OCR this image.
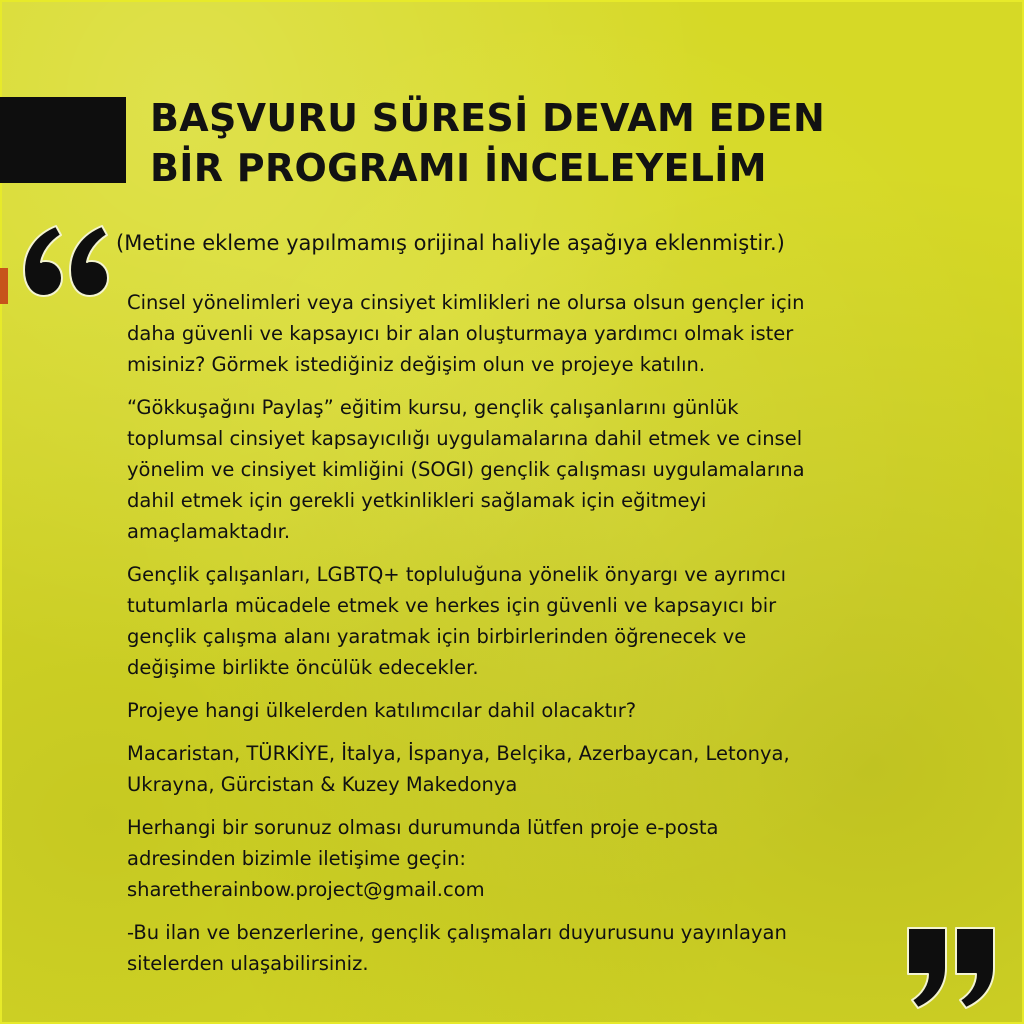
BAŞVURU SÜRESİ DEVAM EDEN
BİR PROGRAMI İNCELEYELİM

(Metine ekleme yapılmamış orijinal haliyle aşağıya eklenmiştir.)

Cinsel yönelimleri veya cinsiyet kimlikleri ne olursa olsun gençler için
daha güvenli ve kapsayıcı bir alan oluşturmaya yardımcı olmak ister
misiniz? Görmek istediğiniz değişim olun ve projeye katılın.

“Gökkuşağını Paylaş” eğitim kursu, gençlik çalışanlarını günlük
toplumsal cinsiyet kapsayıcılığı uygulamalarına dahil etmek ve cinsel
yönelim ve cinsiyet kimliğini (SOGI) gençlik çalışması uygulamalarına
dahil etmek için gerekli yetkinlikleri sağlamak için eğitmeyi
amaçlamaktadır.

Gençlik çalışanları, LGBTQ+ topluluğuna yönelik önyargı ve ayrımcı
tutumlarla mücadele etmek ve herkes için güvenli ve kapsayıcı bir
gençlik çalışma alanı yaratmak için birbirlerinden öğrenecek ve
değişime birlikte öncülük edecekler.

Projeye hangi ülkelerden katılımcılar dahil olacaktır?

Macaristan, TÜRKİYE, İtalya, İspanya, Belçika, Azerbaycan, Letonya,
Ukrayna, Gürcistan & Kuzey Makedonya

Herhangi bir sorunuz olması durumunda lütfen proje e-posta
adresinden bizimle iletişime geçin:
sharetherainbow.project@gmail.com

-Bu ilan ve benzerlerine, gençlik çalışmaları duyurusunu yayınlayan
sitelerden ulaşabilirsiniz.
